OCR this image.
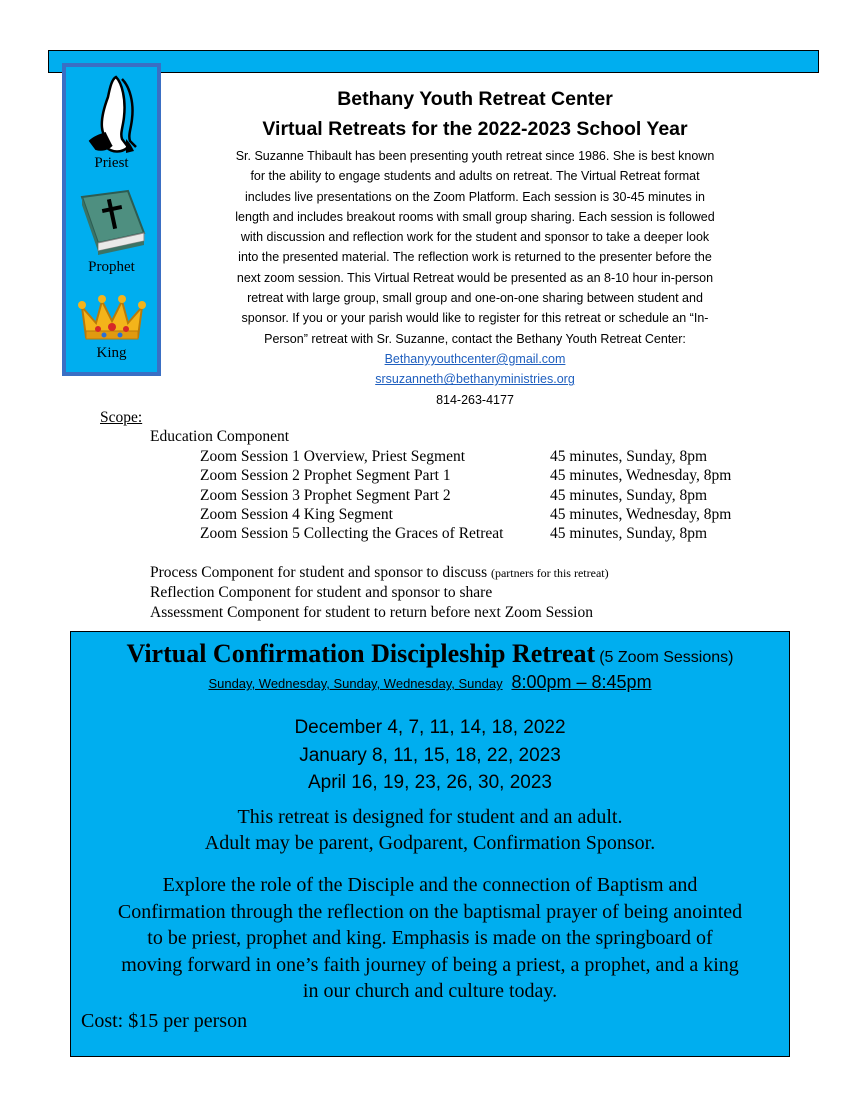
Priest
Prophet
King
Bethany Youth Retreat Center
Virtual Retreats for the 2022-2023 School Year
Sr. Suzanne Thibault has been presenting youth retreat since 1986. She is best known
for the ability to engage students and adults on retreat. The Virtual Retreat format
includes live presentations on the Zoom Platform. Each session is 30-45 minutes in
length and includes breakout rooms with small group sharing. Each session is followed
with discussion and reflection work for the student and sponsor to take a deeper look
into the presented material. The reflection work is returned to the presenter before the
next zoom session. This Virtual Retreat would be presented as an 8-10 hour in-person
retreat with large group, small group and one-on-one sharing between student and
sponsor. If you or your parish would like to register for this retreat or schedule an “In-
Person” retreat with Sr. Suzanne, contact the Bethany Youth Retreat Center:
Bethanyyouthcenter@gmail.com
srsuzanneth@bethanyministries.org
814-263-4177
Scope:
Education Component
Zoom Session 1 Overview, Priest Segment	45 minutes, Sunday, 8pm
Zoom Session 2 Prophet Segment Part 1	45 minutes, Wednesday, 8pm
Zoom Session 3 Prophet Segment Part 2	45 minutes, Sunday, 8pm
Zoom Session 4 King Segment	45 minutes, Wednesday, 8pm
Zoom Session 5 Collecting the Graces of Retreat	45 minutes, Sunday, 8pm
Process Component for student and sponsor to discuss (partners for this retreat)
Reflection Component for student and sponsor to share
Assessment Component for student to return before next Zoom Session
Virtual Confirmation Discipleship Retreat (5 Zoom Sessions)
Sunday, Wednesday, Sunday, Wednesday, Sunday 8:00pm – 8:45pm
December 4, 7, 11, 14, 18, 2022
January 8, 11, 15, 18, 22, 2023
April 16, 19, 23, 26, 30, 2023
This retreat is designed for student and an adult.
Adult may be parent, Godparent, Confirmation Sponsor.
Explore the role of the Disciple and the connection of Baptism and
Confirmation through the reflection on the baptismal prayer of being anointed
to be priest, prophet and king. Emphasis is made on the springboard of
moving forward in one’s faith journey of being a priest, a prophet, and a king
in our church and culture today.
Cost: $15 per person
